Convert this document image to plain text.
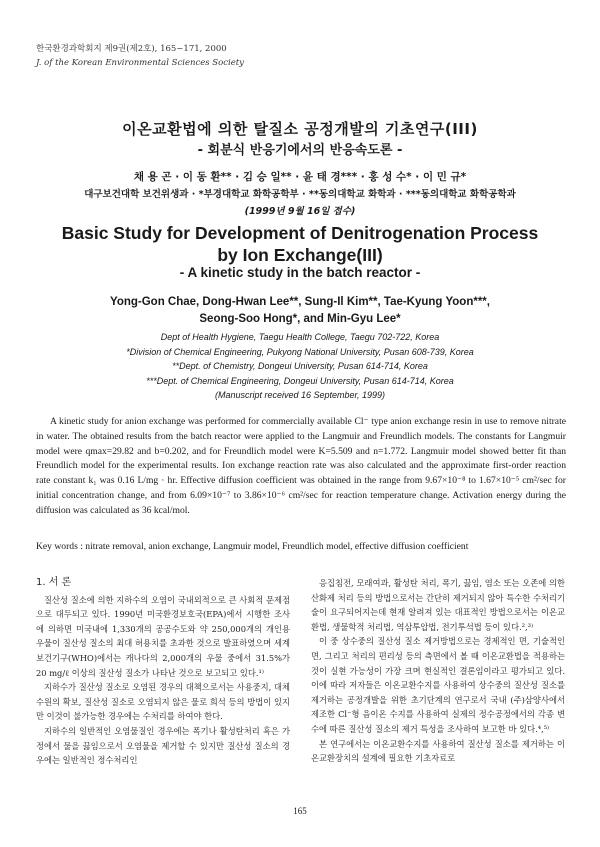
한국환경과학회지 제9권(제2호), 165~171, 2000
J. of the Korean Environmental Sciences Society
이온교환법에 의한 탈질소 공정개발의 기초연구(III)
- 회분식 반응기에서의 반응속도론 -
채 용 곤 · 이 동 환** · 김 승 일** · 윤 태 경*** · 홍 성 수* · 이 민 규*
대구보건대학 보건위생과 · *부경대학교 화학공학부 · **동의대학교 화학과 · ***동의대학교 화학공학과
(1999년 9월 16일 접수)
Basic Study for Development of Denitrogenation Process
by Ion Exchange(III)
- A kinetic study in the batch reactor -
Yong-Gon Chae, Dong-Hwan Lee**, Sung-Il Kim**, Tae-Kyung Yoon***,
Seong-Soo Hong*, and Min-Gyu Lee*
Dept of Health Hygiene, Taegu Health College, Taegu 702-722, Korea
*Division of Chemical Engineering, Pukyong National University, Pusan 608-739, Korea
**Dept. of Chemistry, Dongeui University, Pusan 614-714, Korea
***Dept. of Chemical Engineering, Dongeui University, Pusan 614-714, Korea
(Manuscript received 16 September, 1999)
A kinetic study for anion exchange was performed for commercially available Cl⁻ type anion exchange resin in use to remove nitrate in water. The obtained results from the batch reactor were applied to the Langmuir and Freundlich models. The constants for Langmuir model were qmax=29.82 and b=0.202, and for Freundlich model were K=5.509 and n=1.772. Langmuir model showed better fit than Freundlich model for the experimental results. Ion exchange reaction rate was also calculated and the approximate first-order reaction rate constant k₁ was 0.16 L/mg · hr. Effective diffusion coefficient was obtained in the range from 9.67×10⁻⁸ to 1.67×10⁻⁵ cm²/sec for initial concentration change, and from 6.09×10⁻⁷ to 3.86×10⁻⁶ cm²/sec for reaction temperature change. Activation energy during the diffusion was calculated as 36 kcal/mol.
Key words : nitrate removal, anion exchange, Langmuir model, Freundlich model, effective diffusion coefficient

1. 서 론

질산성 질소에 의한 지하수의 오염이 국내외적으로 큰 사회적 문제점으로 대두되고 있다. 1990년 미국환경보호국(EPA)에서 시행한 조사에 의하면 미국내에 1,330개의 공공수도와 약 250,000개의 개인용 우물이 질산성 질소의 최대 허용치를 초과한 것으로 발표하였으며 세계보건기구(WHO)에서는 캐나다의 2,000개의 우물 중에서 31.5%가 20 mg/ℓ 이상의 질산성 질소가 나타난 것으로 보고되고 있다.¹⁾

지하수가 질산성 질소로 오염된 경우의 대책으로서는 사용중지, 대체 수원의 확보, 질산성 질소로 오염되지 않은 물로 희석 등의 방법이 있지만 이것이 불가능한 경우에는 수처리를 하여야 한다.

지하수의 일반적인 오염물질인 경우에는 폭기나 활성탄처리 혹은 가정에서 물을 끓임으로서 오염물을 제거할 수 있지만 질산성 질소의 경우에는 일반적인 정수처리인

응집침전, 모래여과, 활성탄 처리, 폭기, 끓임, 염소 또는 오존에 의한 산화제 처리 등의 방법으로서는 간단히 제거되지 않아 특수한 수처리기술이 요구되어지는데 현재 알려져 있는 대표적인 방법으로서는 이온교환법, 생물학적 처리법, 역삼투압법, 전기투석법 등이 있다.²,³⁾

이 중 상수중의 질산성 질소 제거방법으로는 경제적인 면, 기술적인 면, 그리고 처리의 편리성 등의 측면에서 볼 때 이온교환법을 적용하는 것이 실현 가능성이 가장 크며 현실적인 결론임이라고 평가되고 있다. 이에 따라 저자들은 이온교환수지를 사용하여 상수중의 질산성 질소를 제거하는 공정개발을 위한 초기단계의 연구로서 국내 (주)삼양사에서 제조한 Cl⁻형 음이온 수지를 사용하여 실제의 정수공정에서의 각종 변수에 따른 질산성 질소의 제거 특성을 조사하여 보고한 바 있다.⁴,⁵⁾

본 연구에서는 이온교환수지를 사용하여 질산성 질소를 제거하는 이온교환장치의 설계에 필요한 기초자료로

165
